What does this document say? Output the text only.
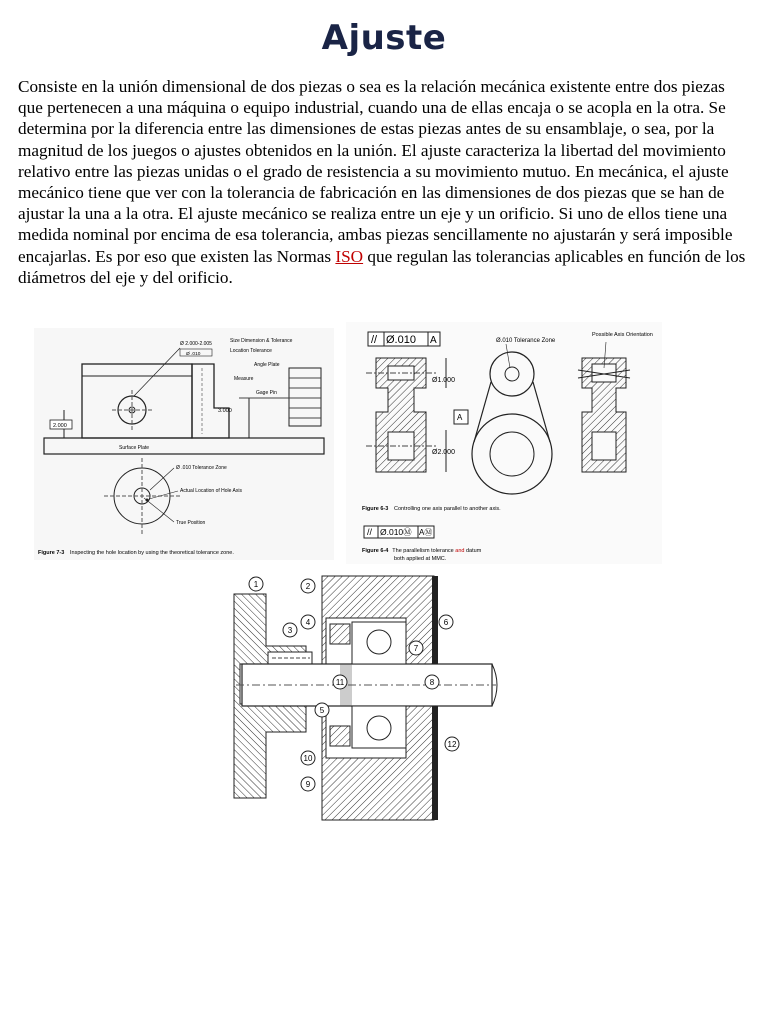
Ajuste
Consiste en la unión dimensional de dos piezas o sea es la relación mecánica existente entre dos piezas que pertenecen a una máquina o equipo industrial, cuando una de ellas encaja o se acopla en la otra. Se determina por la diferencia entre las dimensiones de estas piezas antes de su ensamblaje, o sea, por la magnitud de los juegos o ajustes obtenidos en la unión. El ajuste caracteriza la libertad del movimiento relativo entre las piezas unidas o el grado de resistencia a su movimiento mutuo. En mecánica, el ajuste mecánico tiene que ver con la tolerancia de fabricación en las dimensiones de dos piezas que se han de ajustar la una a la otra. El ajuste mecánico se realiza entre un eje y un orificio. Si uno de ellos tiene una medida nominal por encima de esa tolerancia, ambas piezas sencillamente no ajustarán y será imposible encajarlas. Es por eso que existen las Normas ISO que regulan las tolerancias aplicables en función de los diámetros del eje y del orificio.
3.000
2.000
Ø 2.000-2.005
Ø .010
Size Dimension & Tolerance
Location Tolerance
Angle Plate
Measure
Gage Pin
Surface Plate
Ø .010 Tolerance Zone
Actual Location of Hole Axis
True Position
Figure 7-3 Inspecting the hole location by using the theoretical tolerance zone.
// Ø.010 A
Ø1.000
A
Ø2.000
Ø.010 Tolerance Zone
Possible Axis Orientation
Figure 6-3 Controlling one axis parallel to another axis.
// Ø.010Ⓜ AⓂ
Figure 6-4 The parallelism tolerance and datum
both applied at MMC.
1	2
3
4
5
6
7
8
9
10
11
12
